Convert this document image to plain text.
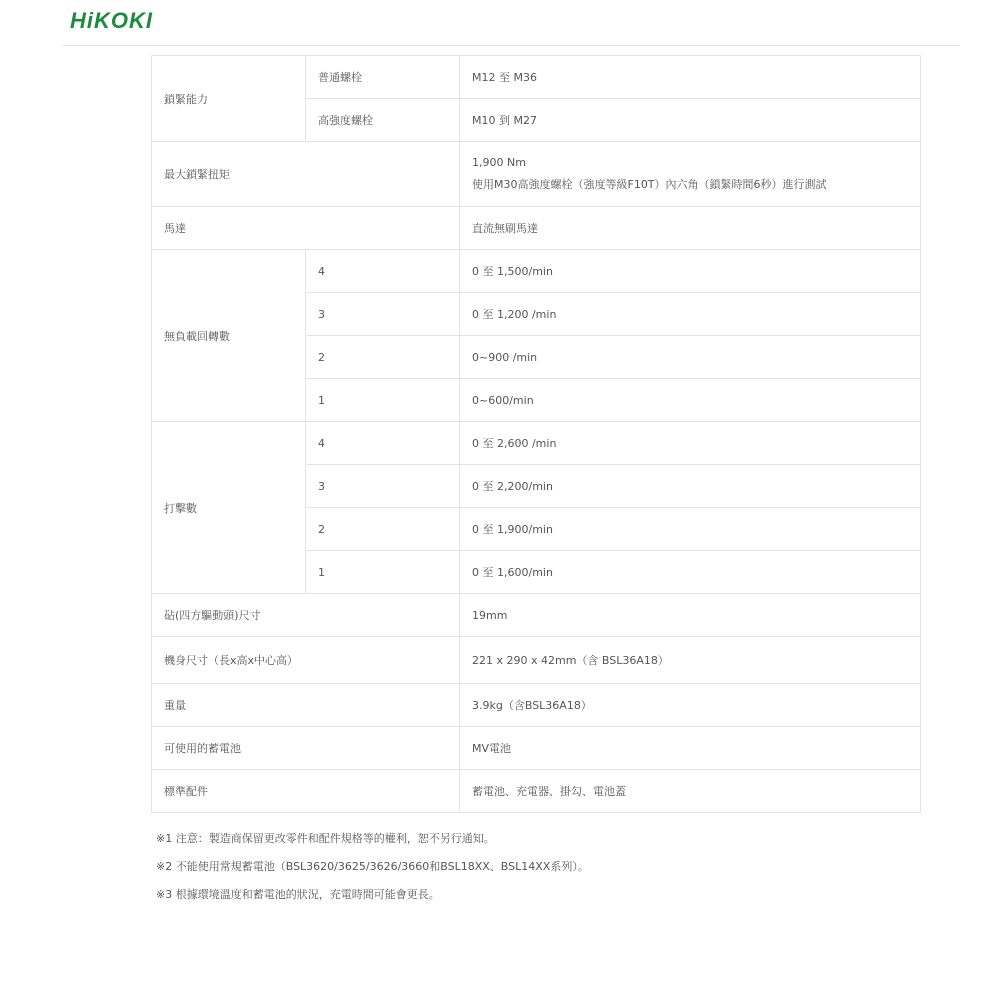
HiKOKI
鎖緊能力	普通螺栓	M12 至 M36
	高強度螺栓	M10 到 M27
最大鎖緊扭矩		1,900 Nm
使用M30高強度螺栓（強度等級F10T）內六角（鎖緊時間6秒）進行測試

馬達		直流無刷馬達
無負載回轉數	4	0 至 1,500/min
	3	0 至 1,200 /min
	2	0~900 /min
	1	0~600/min
打擊數	4	0 至 2,600 /min
	3	0 至 2,200/min
	2	0 至 1,900/min
	1	0 至 1,600/min
砧(四方驅動頭)尺寸		19mm
機身尺寸（長x高x中心高）		221 x 290 x 42mm（含 BSL36A18）
重量		3.9kg（含BSL36A18）
可使用的蓄電池		MV電池
標準配件		蓄電池、充電器、掛勾、電池蓋
※1 注意：製造商保留更改零件和配件規格等的權利，恕不另行通知。
※2 不能使用常規蓄電池（BSL3620/3625/3626/3660和BSL18XX、BSL14XX系列）。
※3 根據環境溫度和蓄電池的狀況，充電時間可能會更長。
